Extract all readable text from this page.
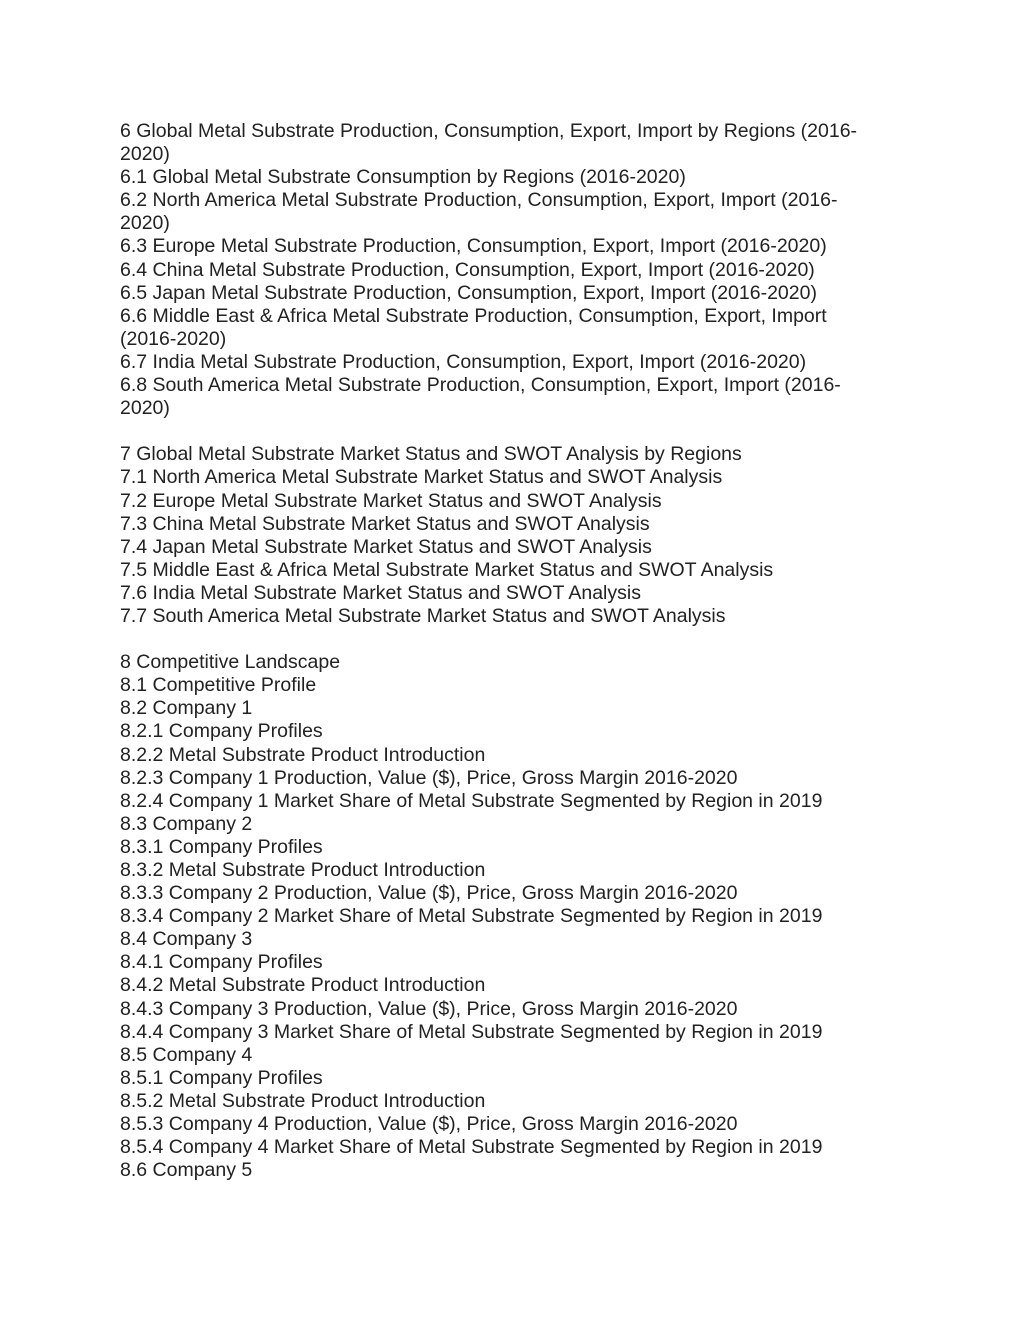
6 Global Metal Substrate Production, Consumption, Export, Import by Regions (2016-
2020)
6.1 Global Metal Substrate Consumption by Regions (2016-2020)
6.2 North America Metal Substrate Production, Consumption, Export, Import (2016-
2020)
6.3 Europe Metal Substrate Production, Consumption, Export, Import (2016-2020)
6.4 China Metal Substrate Production, Consumption, Export, Import (2016-2020)
6.5 Japan Metal Substrate Production, Consumption, Export, Import (2016-2020)
6.6 Middle East & Africa Metal Substrate Production, Consumption, Export, Import
(2016-2020)
6.7 India Metal Substrate Production, Consumption, Export, Import (2016-2020)
6.8 South America Metal Substrate Production, Consumption, Export, Import (2016-
2020)
7 Global Metal Substrate Market Status and SWOT Analysis by Regions
7.1 North America Metal Substrate Market Status and SWOT Analysis
7.2 Europe Metal Substrate Market Status and SWOT Analysis
7.3 China Metal Substrate Market Status and SWOT Analysis
7.4 Japan Metal Substrate Market Status and SWOT Analysis
7.5 Middle East & Africa Metal Substrate Market Status and SWOT Analysis
7.6 India Metal Substrate Market Status and SWOT Analysis
7.7 South America Metal Substrate Market Status and SWOT Analysis
8 Competitive Landscape
8.1 Competitive Profile
8.2 Company 1
8.2.1 Company Profiles
8.2.2 Metal Substrate Product Introduction
8.2.3 Company 1 Production, Value ($), Price, Gross Margin 2016-2020
8.2.4 Company 1 Market Share of Metal Substrate Segmented by Region in 2019
8.3 Company 2
8.3.1 Company Profiles
8.3.2 Metal Substrate Product Introduction
8.3.3 Company 2 Production, Value ($), Price, Gross Margin 2016-2020
8.3.4 Company 2 Market Share of Metal Substrate Segmented by Region in 2019
8.4 Company 3
8.4.1 Company Profiles
8.4.2 Metal Substrate Product Introduction
8.4.3 Company 3 Production, Value ($), Price, Gross Margin 2016-2020
8.4.4 Company 3 Market Share of Metal Substrate Segmented by Region in 2019
8.5 Company 4
8.5.1 Company Profiles
8.5.2 Metal Substrate Product Introduction
8.5.3 Company 4 Production, Value ($), Price, Gross Margin 2016-2020
8.5.4 Company 4 Market Share of Metal Substrate Segmented by Region in 2019
8.6 Company 5
